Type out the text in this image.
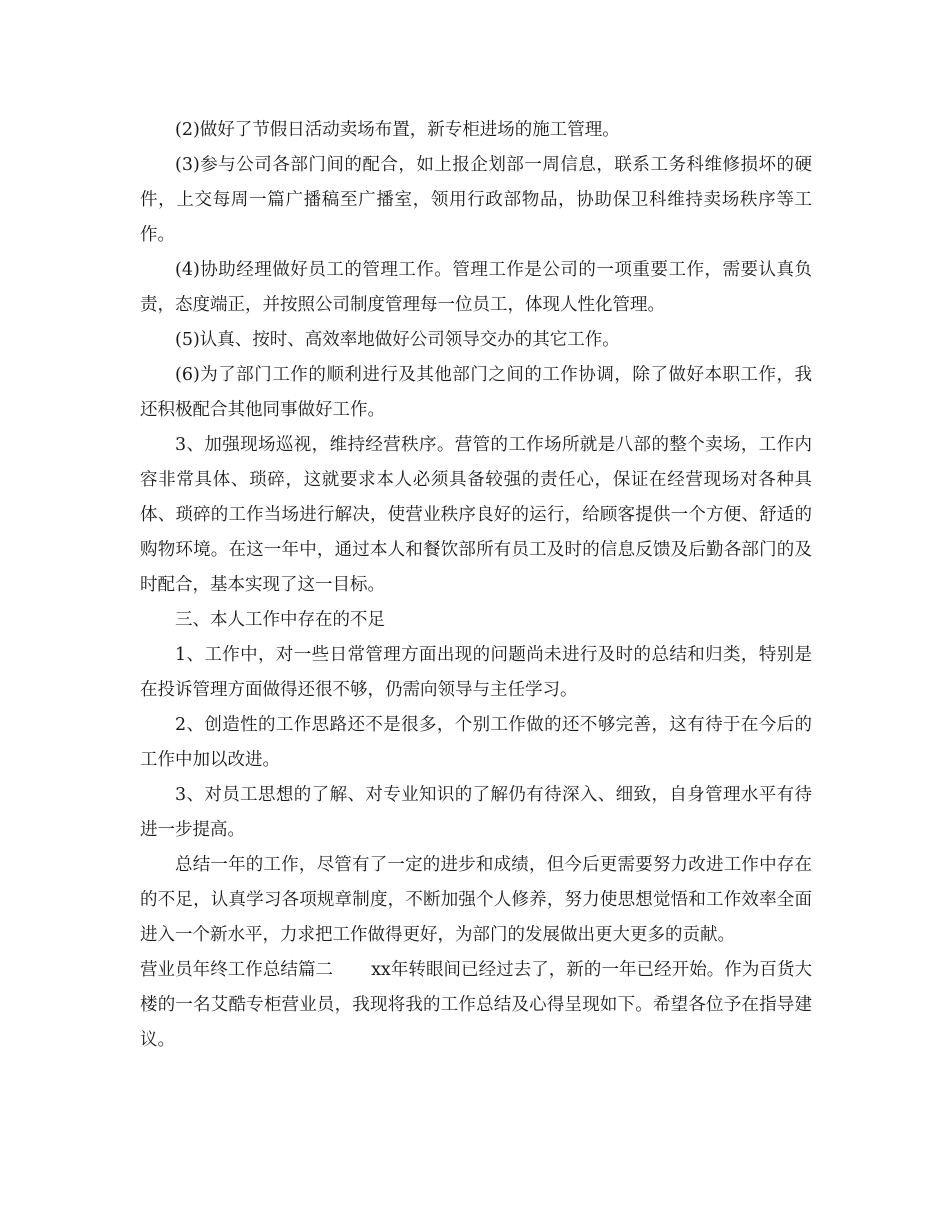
(2)做好了节假日活动卖场布置，新专柜进场的施工管理。

(3)参与公司各部门间的配合，如上报企划部一周信息，联系工务科维修损坏的硬件，上交每周一篇广播稿至广播室，领用行政部物品，协助保卫科维持卖场秩序等工作。

(4)协助经理做好员工的管理工作。管理工作是公司的一项重要工作，需要认真负责，态度端正，并按照公司制度管理每一位员工，体现人性化管理。

(5)认真、按时、高效率地做好公司领导交办的其它工作。

(6)为了部门工作的顺利进行及其他部门之间的工作协调，除了做好本职工作，我还积极配合其他同事做好工作。

3、加强现场巡视，维持经营秩序。营管的工作场所就是八部的整个卖场，工作内容非常具体、琐碎，这就要求本人必须具备较强的责任心，保证在经营现场对各种具体、琐碎的工作当场进行解决，使营业秩序良好的运行，给顾客提供一个方便、舒适的购物环境。在这一年中，通过本人和餐饮部所有员工及时的信息反馈及后勤各部门的及时配合，基本实现了这一目标。

三、本人工作中存在的不足

1、工作中，对一些日常管理方面出现的问题尚未进行及时的总结和归类，特别是在投诉管理方面做得还很不够，仍需向领导与主任学习。

2、创造性的工作思路还不是很多，个别工作做的还不够完善，这有待于在今后的工作中加以改进。

3、对员工思想的了解、对专业知识的了解仍有待深入、细致，自身管理水平有待进一步提高。

总结一年的工作，尽管有了一定的进步和成绩，但今后更需要努力改进工作中存在的不足，认真学习各项规章制度，不断加强个人修养，努力使思想觉悟和工作效率全面进入一个新水平，力求把工作做得更好，为部门的发展做出更大更多的贡献。

营业员年终工作总结篇二 xx年转眼间已经过去了，新的一年已经开始。作为百货大楼的一名艾酷专柜营业员，我现将我的工作总结及心得呈现如下。希望各位予在指导建议。
